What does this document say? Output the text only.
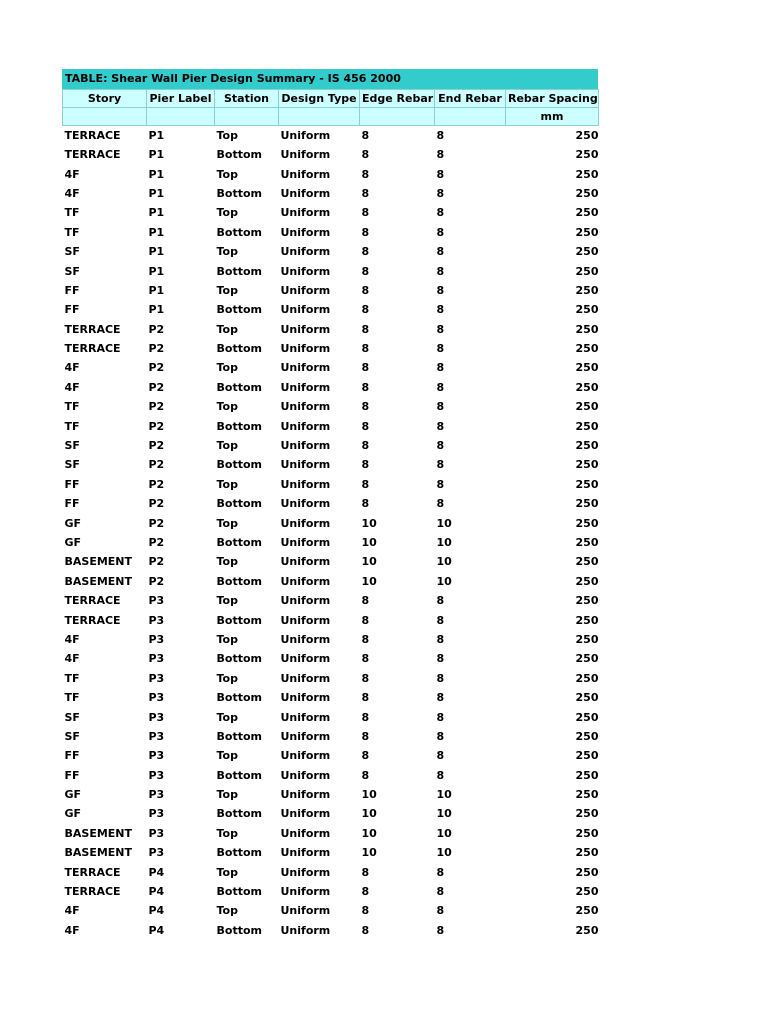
TABLE: Shear Wall Pier Design Summary - IS 456 2000
Story	Pier Label	Station	Design Type	Edge Rebar	End Rebar	Rebar Spacing
						mm
TERRACE	P1	Top	Uniform	8	8	250
TERRACE	P1	Bottom	Uniform	8	8	250
4F	P1	Top	Uniform	8	8	250
4F	P1	Bottom	Uniform	8	8	250
TF	P1	Top	Uniform	8	8	250
TF	P1	Bottom	Uniform	8	8	250
SF	P1	Top	Uniform	8	8	250
SF	P1	Bottom	Uniform	8	8	250
FF	P1	Top	Uniform	8	8	250
FF	P1	Bottom	Uniform	8	8	250
TERRACE	P2	Top	Uniform	8	8	250
TERRACE	P2	Bottom	Uniform	8	8	250
4F	P2	Top	Uniform	8	8	250
4F	P2	Bottom	Uniform	8	8	250
TF	P2	Top	Uniform	8	8	250
TF	P2	Bottom	Uniform	8	8	250
SF	P2	Top	Uniform	8	8	250
SF	P2	Bottom	Uniform	8	8	250
FF	P2	Top	Uniform	8	8	250
FF	P2	Bottom	Uniform	8	8	250
GF	P2	Top	Uniform	10	10	250
GF	P2	Bottom	Uniform	10	10	250
BASEMENT	P2	Top	Uniform	10	10	250
BASEMENT	P2	Bottom	Uniform	10	10	250
TERRACE	P3	Top	Uniform	8	8	250
TERRACE	P3	Bottom	Uniform	8	8	250
4F	P3	Top	Uniform	8	8	250
4F	P3	Bottom	Uniform	8	8	250
TF	P3	Top	Uniform	8	8	250
TF	P3	Bottom	Uniform	8	8	250
SF	P3	Top	Uniform	8	8	250
SF	P3	Bottom	Uniform	8	8	250
FF	P3	Top	Uniform	8	8	250
FF	P3	Bottom	Uniform	8	8	250
GF	P3	Top	Uniform	10	10	250
GF	P3	Bottom	Uniform	10	10	250
BASEMENT	P3	Top	Uniform	10	10	250
BASEMENT	P3	Bottom	Uniform	10	10	250
TERRACE	P4	Top	Uniform	8	8	250
TERRACE	P4	Bottom	Uniform	8	8	250
4F	P4	Top	Uniform	8	8	250
4F	P4	Bottom	Uniform	8	8	250
